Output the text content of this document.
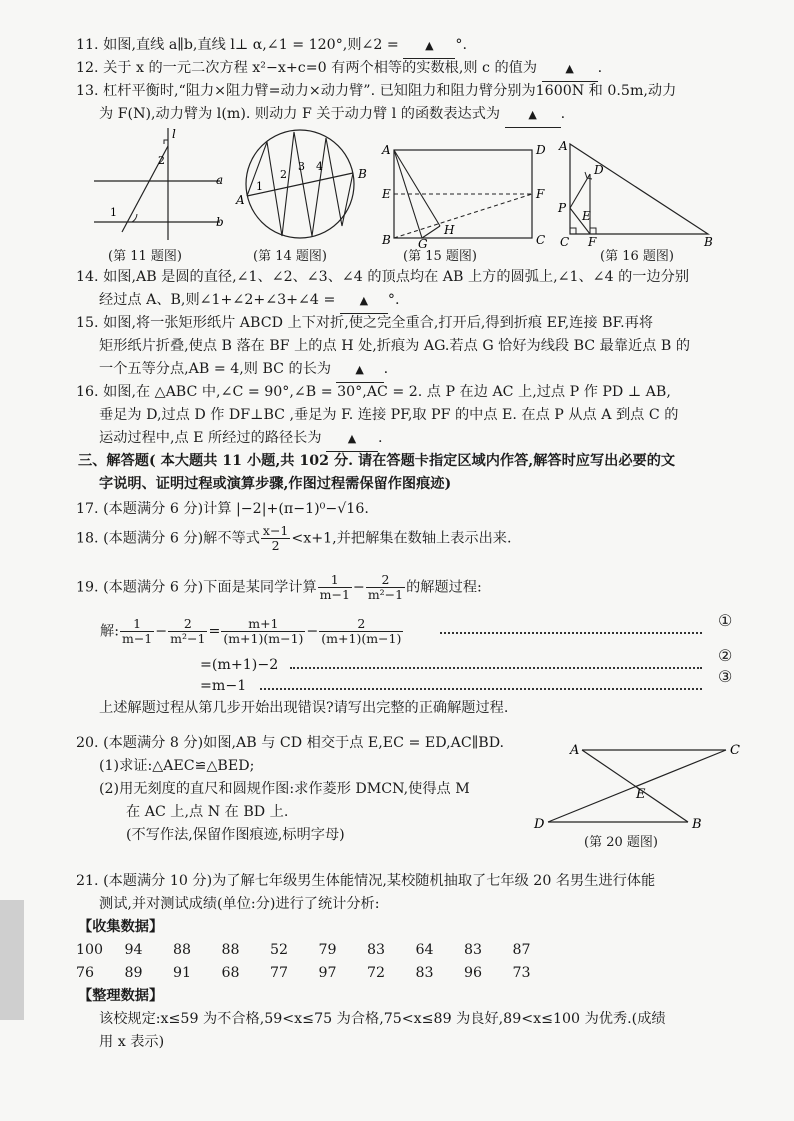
11. 如图,直线 a∥b,直线 l⊥ α,∠1 = 120°,则∠2 = ▲ °.
12. 关于 x 的一元二次方程 x²−x+c=0 有两个相等的实数根,则 c 的值为	▲ .
13. 杠杆平衡时,“阻力×阻力臂=动力×动力臂”. 已知阻力和阻力臂分别为1600N 和 0.5m,动力
为 F(N),动力臂为 l(m). 则动力 F 关于动力臂 l 的函数表达式为	▲ .
l
a
b
2
1
(第 11 题图)
A
B
1
2
3 4
(第 14 题图)
A	D
E	F
B G
H
C
(第 15 题图)
A
D
P
E
C F	B
(第 16 题图)
14. 如图,AB 是圆的直径,∠1、∠2、∠3、∠4 的顶点均在 AB 上方的圆弧上,∠1、∠4 的一边分别
经过点 A、B,则∠1+∠2+∠3+∠4 = ▲ °.
15. 如图,将一张矩形纸片 ABCD 上下对折,使之完全重合,打开后,得到折痕 EF,连接 BF.再将
矩形纸片折叠,使点 B 落在 BF 上的点 H 处,折痕为 AG.若点 G 恰好为线段 BC 最靠近点 B 的
一个五等分点,AB = 4,则 BC 的长为 ▲ .
16. 如图,在 △ABC 中,∠C = 90°,∠B = 30°,AC = 2. 点 P 在边 AC 上,过点 P 作 PD ⊥ AB,
垂足为 D,过点 D 作 DF⊥BC ,垂足为 F. 连接 PF,取 PF 的中点 E. 在点 P 从点 A 到点 C 的
运动过程中,点 E 所经过的路径长为 ▲ .
三、解答题( 本大题共 11 小题,共 102 分. 请在答题卡指定区域内作答,解答时应写出必要的文
字说明、证明过程或演算步骤,作图过程需保留作图痕迹)
17. (本题满分 6 分)计算 |−2|+(π−1)⁰−√16.
18. (本题满分 6 分)解不等式 $\frac{x-1}{2} <x+1$,并把解集在数轴上表示出来.
19. (本题满分 6 分)下面是某同学计算 $\frac{1}{m-1} - \frac{2}{\text{m²−1}}$ 的解题过程:
解: $\frac{1}{m-1} - \frac{2}{\text{m²−1}} = \frac{m+1}{(m+1)(m-1)} - \frac{2}{(m+1)(m-1)}$	①
=(m+1)−2	②
=m−1	③
上述解题过程从第几步开始出现错误?请写出完整的正确解题过程.
20. (本题满分 8 分)如图,AB 与 CD 相交于点 E,EC = ED,AC∥BD.
(1)求证:△AEC≌△BED;
(2)用无刻度的直尺和圆规作图:求作菱形 DMCN,使得点 M
在 AC 上,点 N 在 BD 上.
(不写作法,保留作图痕迹,标明字母)
A	C
E
D	B
(第 20 题图)
21. (本题满分 10 分)为了解七年级男生体能情况,某校随机抽取了七年级 20 名男生进行体能
测试,并对测试成绩(单位:分)进行了统计分析:
【收集数据】
100 94 88 88 52 79 83 64 83 87
76 89 91 68 77 97 72 83 96 73
【整理数据】
该校规定:x≤59 为不合格,59<x≤75 为合格,75<x≤89 为良好,89<x≤100 为优秀.(成绩
用 x 表示)
